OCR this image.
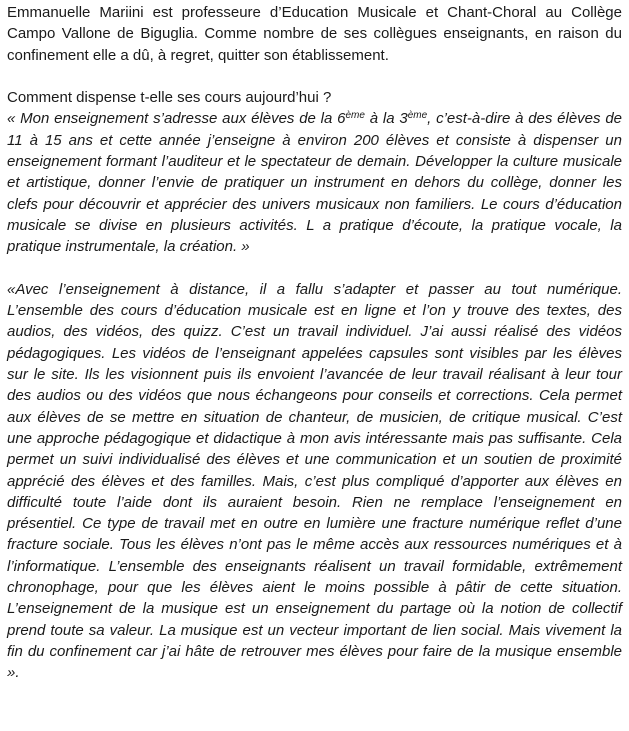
Emmanuelle Mariini est professeure d’Education Musicale et Chant-Choral au Collège Campo Vallone de Biguglia. Comme nombre de ses collègues enseignants, en raison du confinement elle a dû, à regret, quitter son établissement.

Comment dispense t-elle ses cours aujourd’hui ?

« Mon enseignement s’adresse aux élèves de la 6ème à la 3ème, c’est-à-dire à des élèves de 11 à 15 ans et cette année j’enseigne à environ 200 élèves et consiste à dispenser un enseignement formant l’auditeur et le spectateur de demain. Développer la culture musicale et artistique, donner l’envie de pratiquer un instrument en dehors du collège, donner les clefs pour découvrir et apprécier des univers musicaux non familiers. Le cours d’éducation musicale se divise en plusieurs activités. L a pratique d’écoute, la pratique vocale, la pratique instrumentale, la création. »

«Avec l’enseignement à distance, il a fallu s’adapter et passer au tout numérique. L’ensemble des cours d’éducation musicale est en ligne et l’on y trouve des textes, des audios, des vidéos, des quizz. C’est un travail individuel. J’ai aussi réalisé des vidéos pédagogiques. Les vidéos de l’enseignant appelées capsules sont visibles par les élèves sur le site. Ils les visionnent puis ils envoient l’avancée de leur travail réalisant à leur tour des audios ou des vidéos que nous échangeons pour conseils et corrections. Cela permet aux élèves de se mettre en situation de chanteur, de musicien, de critique musical. C’est une approche pédagogique et didactique à mon avis intéressante mais pas suffisante. Cela permet un suivi individualisé des élèves et une communication et un soutien de proximité apprécié des élèves et des familles. Mais, c’est plus compliqué d’apporter aux élèves en difficulté toute l’aide dont ils auraient besoin. Rien ne remplace l’enseignement en présentiel. Ce type de travail met en outre en lumière une fracture numérique reflet d’une fracture sociale. Tous les élèves n’ont pas le même accès aux ressources numériques et à l’informatique. L’ensemble des enseignants réalisent un travail formidable, extrêmement chronophage, pour que les élèves aient le moins possible à pâtir de cette situation. L’enseignement de la musique est un enseignement du partage où la notion de collectif prend toute sa valeur. La musique est un vecteur important de lien social. Mais vivement la fin du confinement car j’ai hâte de retrouver mes élèves pour faire de la musique ensemble ».
